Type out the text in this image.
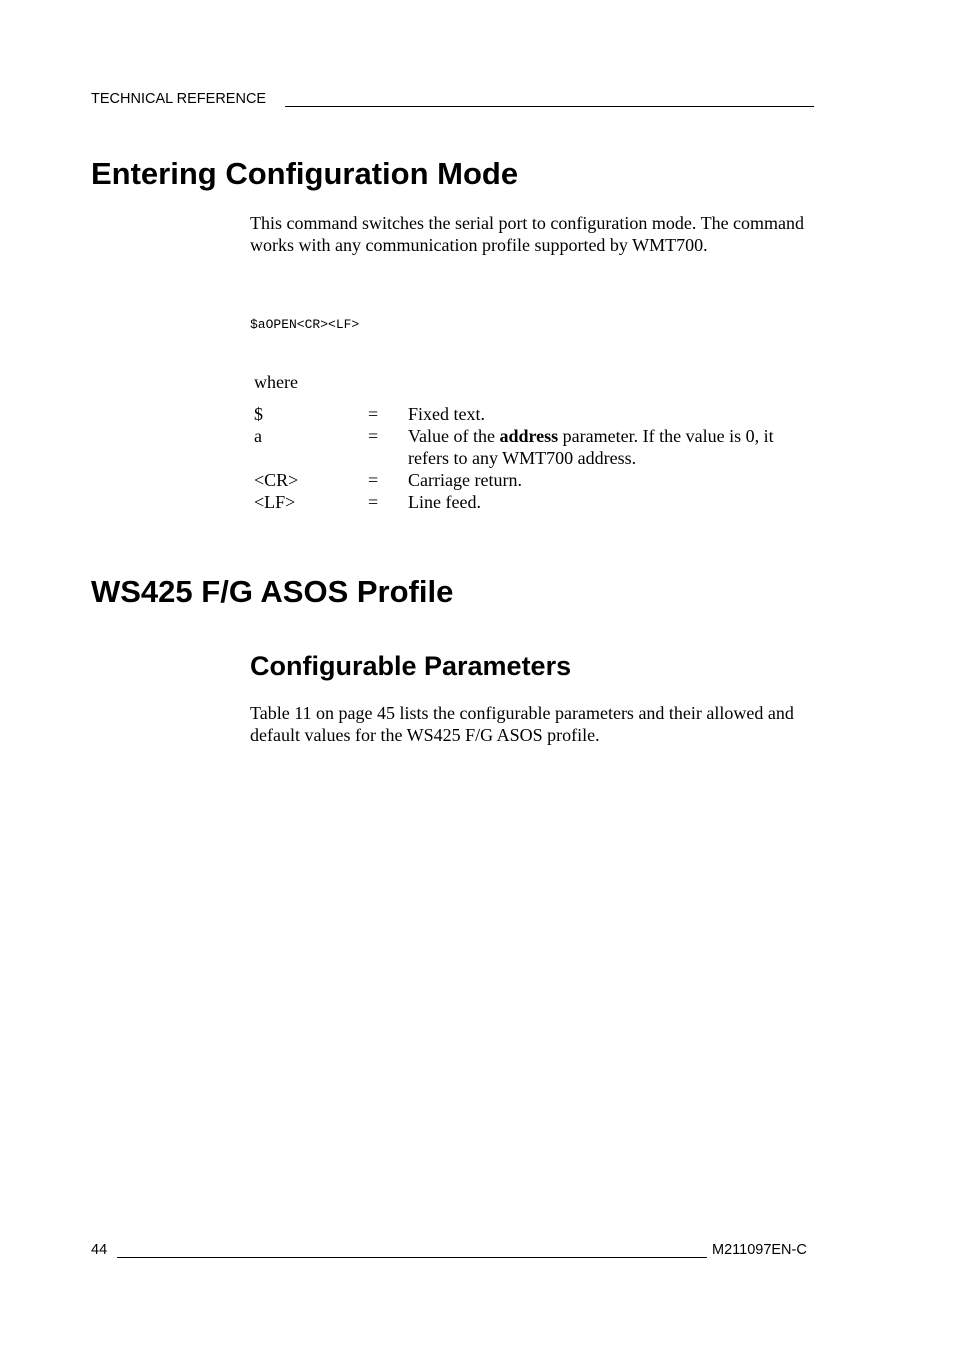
TECHNICAL REFERENCE
Entering Configuration Mode
This command switches the serial port to configuration mode. The command works with any communication profile supported by WMT700.
$aOPEN<CR><LF>
where
$	=	Fixed text.
a	=	Value of the address parameter. If the value is 0, it refers to any WMT700 address.
<CR>	=	Carriage return.
<LF>	=	Line feed.
WS425 F/G ASOS Profile
Configurable Parameters
Table 11 on page 45 lists the configurable parameters and their allowed and default values for the WS425 F/G ASOS profile.
44	M211097EN-C
